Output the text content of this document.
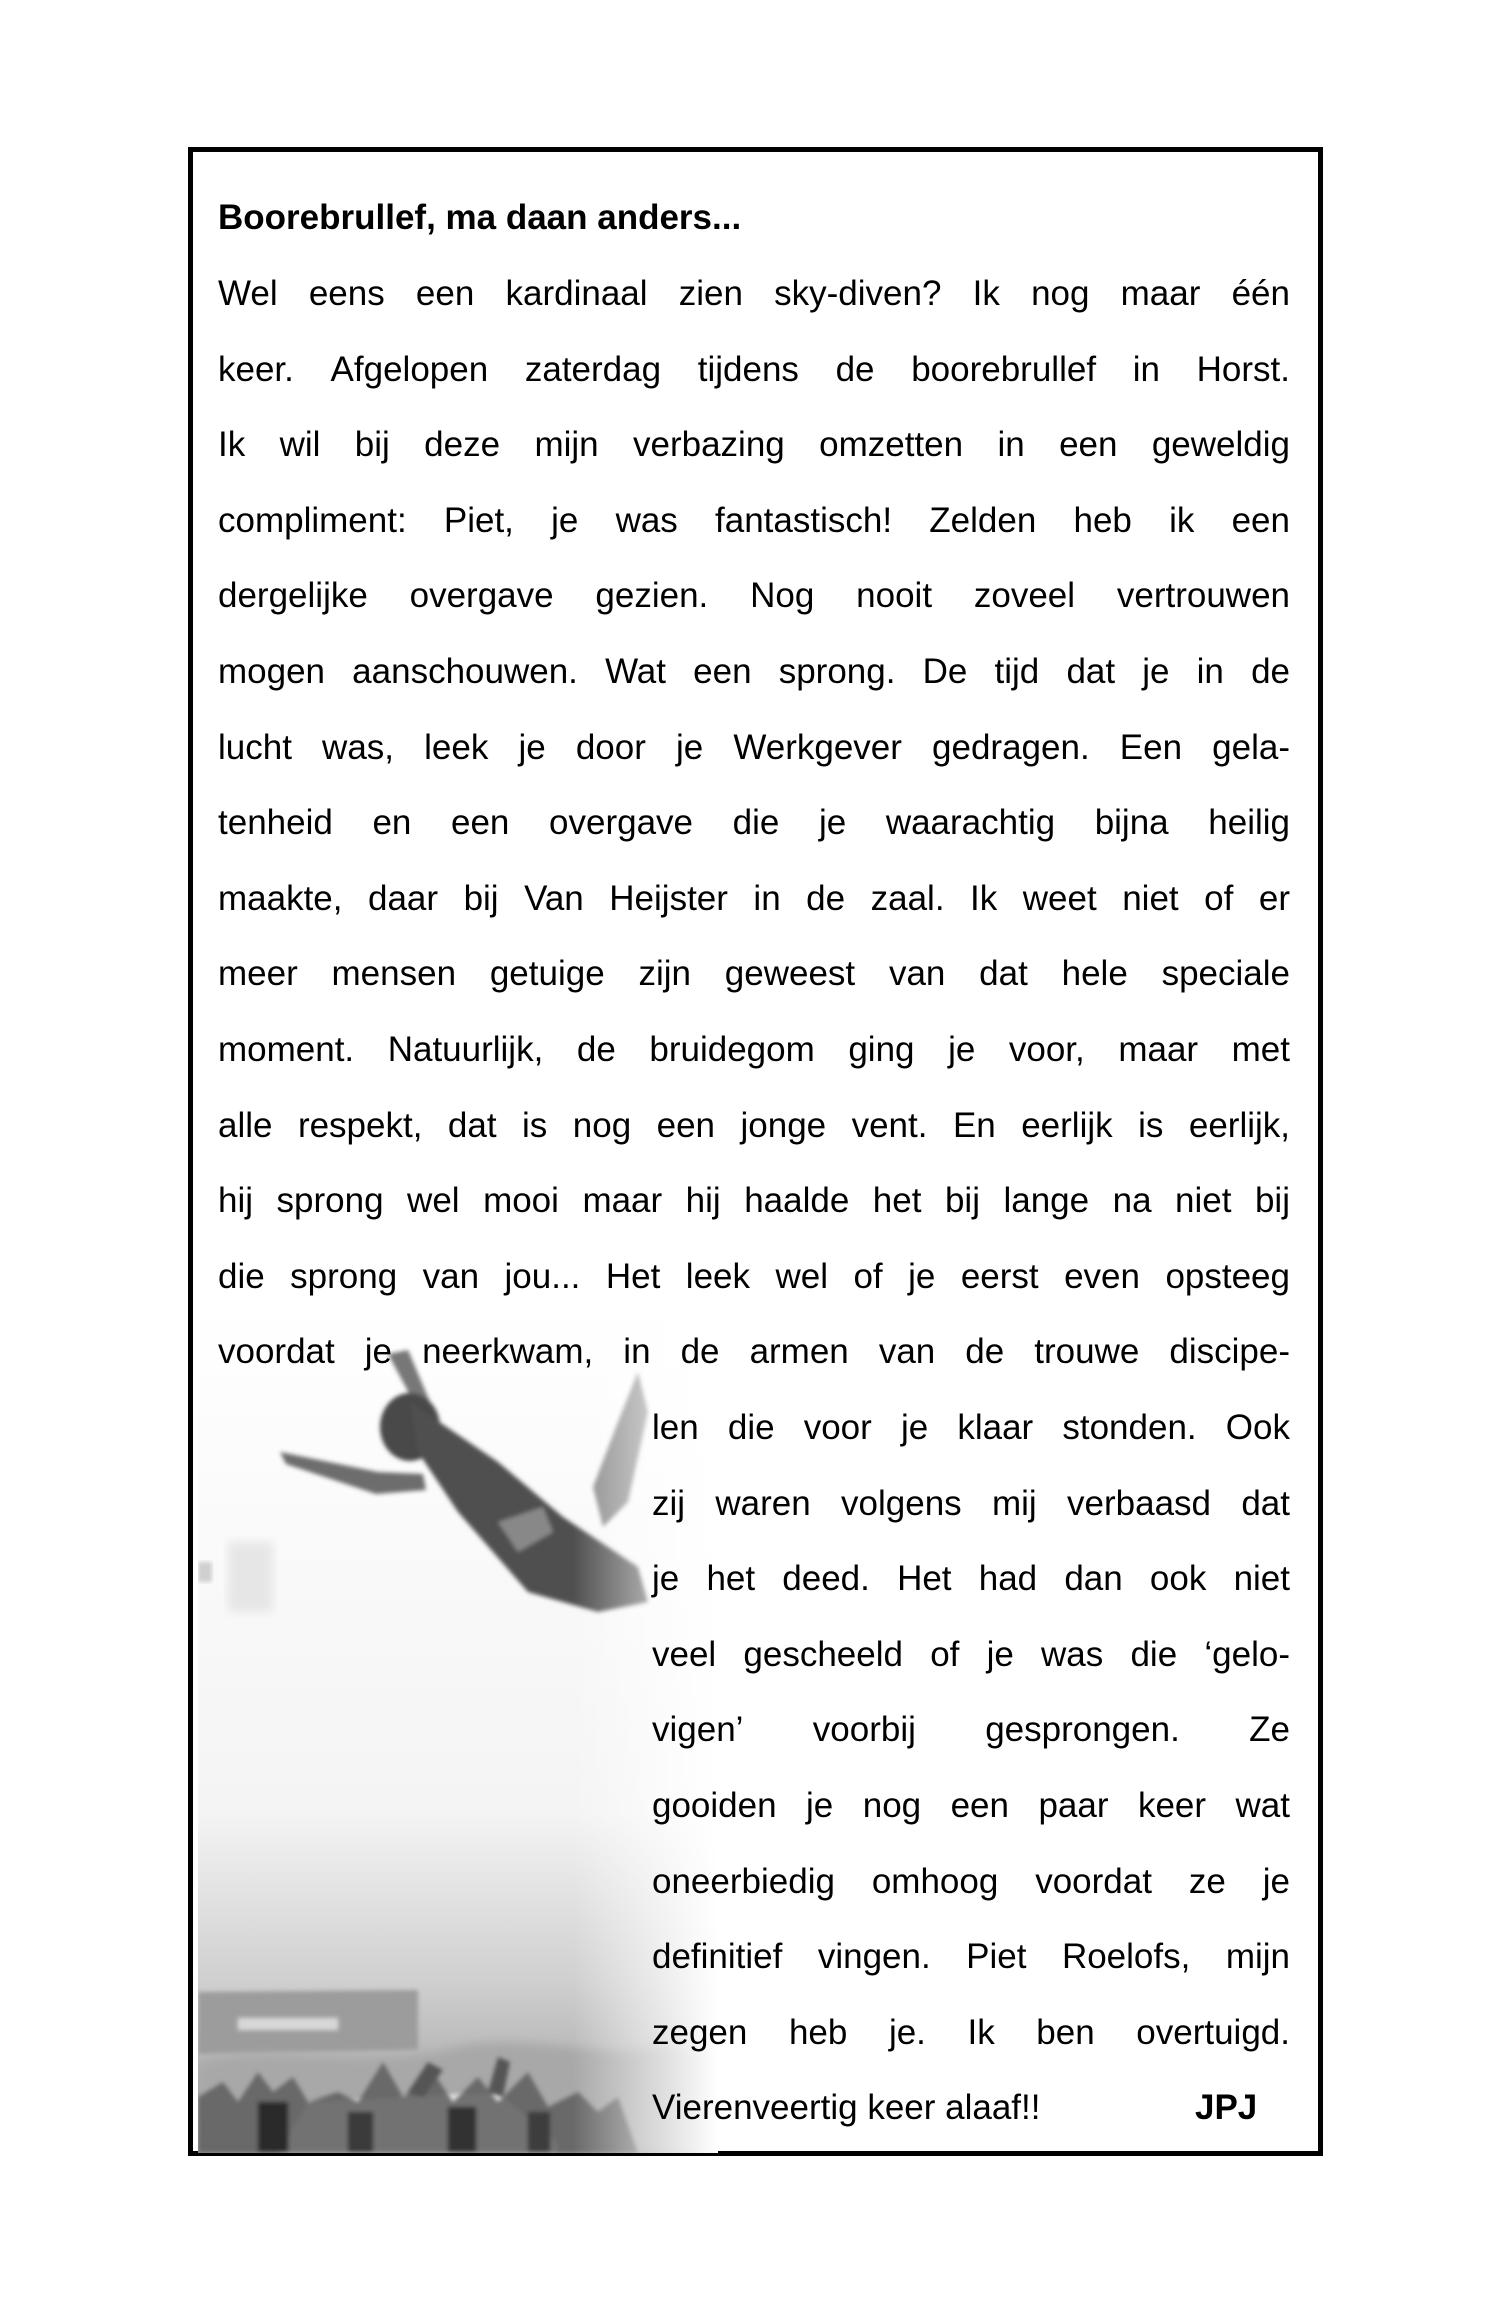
Boorebrullef, ma daan anders...
Wel eens een kardinaal zien sky-diven? Ik nog maar één
keer. Afgelopen zaterdag tijdens de boorebrullef in Horst.
Ik wil bij deze mijn verbazing omzetten in een geweldig
compliment: Piet, je was fantastisch! Zelden heb ik een
dergelijke overgave gezien. Nog nooit zoveel vertrouwen
mogen aanschouwen. Wat een sprong. De tijd dat je in de
lucht was, leek je door je Werkgever gedragen. Een gela-
tenheid en een overgave die je waarachtig bijna heilig
maakte, daar bij Van Heijster in de zaal. Ik weet niet of er
meer mensen getuige zijn geweest van dat hele speciale
moment. Natuurlijk, de bruidegom ging je voor, maar met
alle respekt, dat is nog een jonge vent. En eerlijk is eerlijk,
hij sprong wel mooi maar hij haalde het bij lange na niet bij
die sprong van jou... Het leek wel of je eerst even opsteeg
voordat je neerkwam, in de armen van de trouwe discipe-
len die voor je klaar stonden. Ook
zij waren volgens mij verbaasd dat
je het deed. Het had dan ook niet
veel gescheeld of je was die ‘gelo-
vigen’ voorbij gesprongen. Ze
gooiden je nog een paar keer wat
oneerbiedig omhoog voordat ze je
definitief vingen. Piet Roelofs, mijn
zegen heb je. Ik ben overtuigd.
Vierenveertig keer alaaf!!	JPJ
